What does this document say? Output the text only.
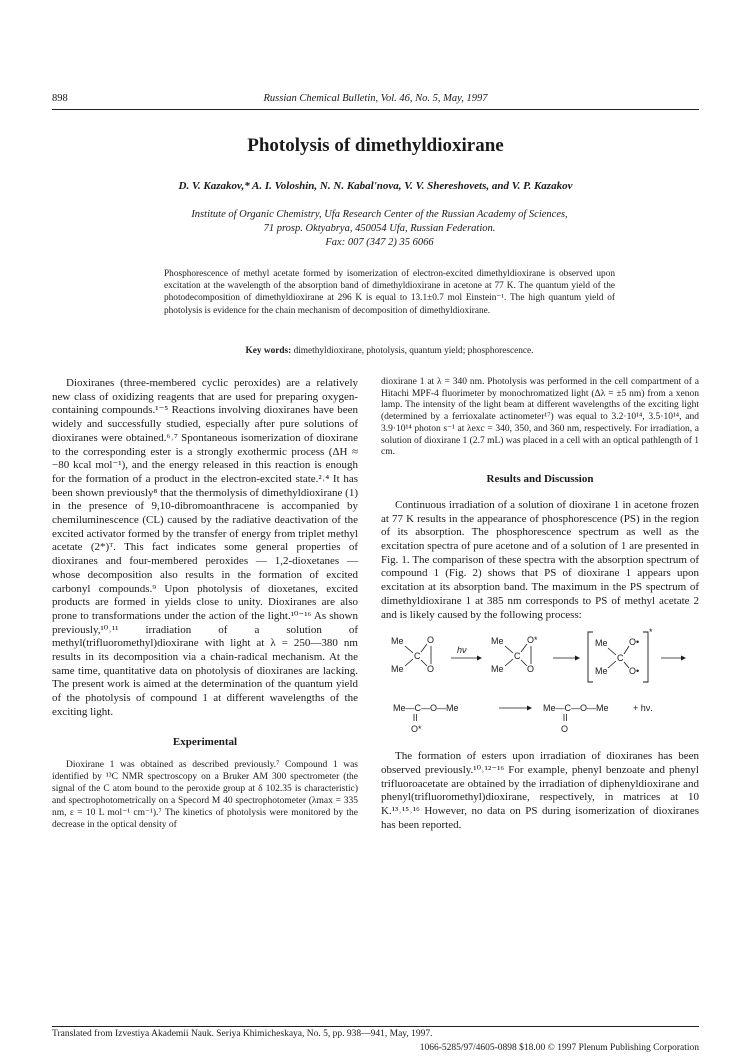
898	Russian Chemical Bulletin, Vol. 46, No. 5, May, 1997
Photolysis of dimethyldioxirane
D. V. Kazakov,* A. I. Voloshin, N. N. Kabal'nova, V. V. Shereshovets, and V. P. Kazakov
Institute of Organic Chemistry, Ufa Research Center of the Russian Academy of Sciences,
71 prosp. Oktyabrya, 450054 Ufa, Russian Federation.
Fax: 007 (347 2) 35 6066
Phosphorescence of methyl acetate formed by isomerization of electron-excited dimethyldioxirane is observed upon excitation at the wavelength of the absorption band of dimethyldioxirane in acetone at 77 K. The quantum yield of the photodecomposition of dimethyldioxirane at 296 K is equal to 13.1±0.7 mol Einstein⁻¹. The high quantum yield of photolysis is evidence for the chain mechanism of decomposition of dimethyldioxirane.
Key words: dimethyldioxirane, photolysis, quantum yield; phosphorescence.

Dioxiranes (three-membered cyclic peroxides) are a relatively new class of oxidizing reagents that are used for preparing oxygen-containing compounds.¹⁻⁵ Reactions involving dioxiranes have been widely and successfully studied, especially after pure solutions of dioxiranes were obtained.⁶˒⁷ Spontaneous isomerization of dioxirane to the corresponding ester is a strongly exothermic process (ΔH ≈ −80 kcal mol⁻¹), and the energy released in this reaction is enough for the formation of a product in the electron-excited state.²˒⁴ It has been shown previously⁸ that the thermolysis of dimethyldioxirane (1) in the presence of 9,10-dibromoanthracene is accompanied by chemiluminescence (CL) caused by the radiative deactivation of the excited activator formed by the transfer of energy from triplet methyl acetate (2*)ᵀ. This fact indicates some general properties of dioxiranes and four-membered peroxides — 1,2-dioxetanes — whose decomposition also results in the formation of excited carbonyl compounds.⁹ Upon photolysis of dioxetanes, excited products are formed in yields close to unity. Dioxiranes are also prone to transformations under the action of the light.¹⁰⁻¹⁶ As shown previously,¹⁰˒¹¹ irradiation of a solution of methyl(trifluoromethyl)dioxirane with light at λ = 250—380 nm results in its decomposition via a chain-radical mechanism. At the same time, quantitative data on photolysis of dioxiranes are lacking. The present work is aimed at the determination of the quantum yield of the photolysis of compound 1 at different wavelengths of the exciting light.

Experimental

Dioxirane 1 was obtained as described previously.⁷ Compound 1 was identified by ¹³C NMR spectroscopy on a Bruker AM 300 spectrometer (the signal of the C atom bound to the peroxide group at δ 102.35 is characteristic) and spectrophotometrically on a Specord M 40 spectrophotometer (λmax = 335 nm, ε = 10 L mol⁻¹ cm⁻¹).⁷ The kinetics of photolysis were monitored by the decrease in the optical density of

dioxirane 1 at λ = 340 nm. Photolysis was performed in the cell compartment of a Hitachi MPF-4 fluorimeter by monochromatized light (Δλ = ±5 nm) from a xenon lamp. The intensity of the light beam at different wavelengths of the exciting light (determined by a ferrioxalate actinometer¹⁷) was equal to 3.2·10¹⁴, 3.5·10¹⁴, and 3.9·10¹⁴ photon s⁻¹ at λexc = 340, 350, and 360 nm, respectively. For irradiation, a solution of dioxirane 1 (2.7 mL) was placed in a cell with an optical pathlength of 1 cm.

Results and Discussion

Continuous irradiation of a solution of dioxirane 1 in acetone frozen at 77 K results in the appearance of phosphorescence (PS) in the region of its absorption. The phosphorescence spectrum as well as the excitation spectra of pure acetone and of a solution of 1 are presented in Fig. 1. The comparison of these spectra with the absorption spectrum of compound 1 (Fig. 2) shows that PS of dioxirane 1 appears upon excitation at its absorption band. The maximum in the PS spectrum of dimethyldioxirane 1 at 385 nm corresponds to PS of methyl acetate 2 and is likely caused by the following process:

Me
Me
C
O
O
hν
Me
Me
C
O*
O
*
Me
Me
C
O•
O•
Me—C—O—Me
O*
Me—C—O—Me
O
+ hν.

The formation of esters upon irradiation of dioxiranes has been observed previously.¹⁰˒¹²⁻¹⁶ For example, phenyl benzoate and phenyl trifluoroacetate are obtained by the irradiation of diphenyldioxirane and phenyl(trifluoromethyl)dioxirane, respectively, in matrices at 10 K.¹³˒¹⁵˒¹⁶ However, no data on PS during isomerization of dioxiranes has been reported.

Translated from Izvestiya Akademii Nauk. Seriya Khimicheskaya, No. 5, pp. 938—941, May, 1997.
1066-5285/97/4605-0898 $18.00 © 1997 Plenum Publishing Corporation
